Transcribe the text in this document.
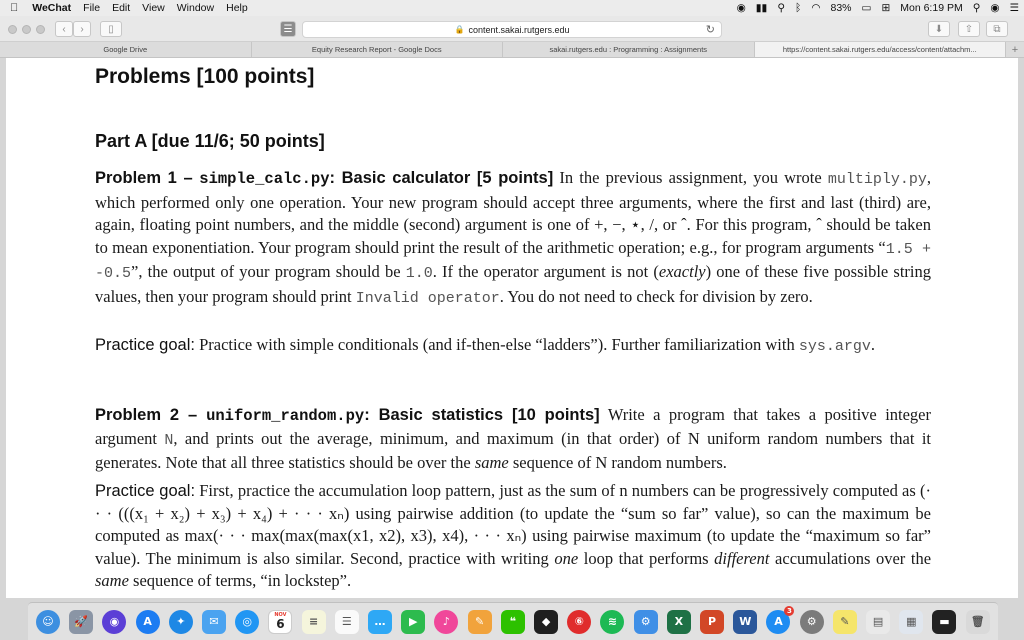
WeChat	File	Edit	View	Window	Help	◉ ▮▮ ⚲ ᛒ ◠ 83% ▭ ⊞ Mon 6:19 PM ⚲ ◉ ☰
‹	›	▯	☰	🔒 content.sakai.rutgers.edu	↻	⬇	⇧	⧉
Google Drive	Equity Research Report - Google Docs	sakai.rutgers.edu : Programming : Assignments	https://content.sakai.rutgers.edu/access/content/attachm...	+
Problems [100 points]
Part A [due 11/6; 50 points]
Problem 1 – simple_calc.py: Basic calculator [5 points] In the previous assignment, you wrote multiply.py, which performed only one operation. Your new program should accept three arguments, where the first and last (third) are, again, floating point numbers, and the middle (second) argument is one of +, −, ⋆, /, or ˆ. For this program, ˆ should be taken to mean exponentiation. Your program should print the result of the arithmetic operation; e.g., for program arguments “1.5 + -0.5”, the output of your program should be 1.0. If the operator argument is not (exactly) one of these five possible string values, then your program should print Invalid operator. You do not need to check for division by zero.
Practice goal: Practice with simple conditionals (and if-then-else “ladders”). Further familiarization with sys.argv.
Problem 2 – uniform_random.py: Basic statistics [10 points] Write a program that takes a positive integer argument N, and prints out the average, minimum, and maximum (in that order) of N uniform random numbers that it generates. Note that all three statistics should be over the same sequence of N random numbers.
Practice goal: First, practice the accumulation loop pattern, just as the sum of n numbers can be progressively computed as (· · · (((x₁ + x₂) + x₃) + x₄) + · · · xₙ) using pairwise addition (to update the “sum so far” value), so can the maximum be computed as max(· · · max(max(max(x1, x2), x3), x4), · · · xₙ) using pairwise maximum (to update the “maximum so far” value). The minimum is also similar. Second, practice with writing one loop that performs different accumulations over the same sequence of terms, “in lockstep”.
☺	🚀	◉	A	✦	✉	◎	NOV
6	≡	☰	…	▶	♪	✎	❝	◆	⑥	≋	⚙	X	P	W	A
3
⚙	✎	▤	▦	▬	🗑
